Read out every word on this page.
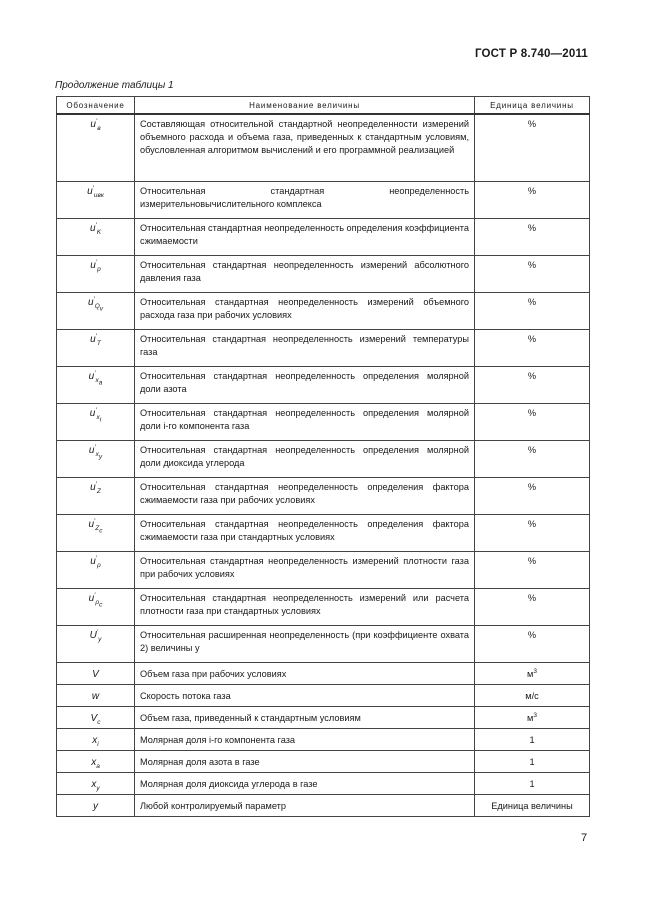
ГОСТ Р 8.740—2011
Продолжение таблицы 1
Обозначение	Наименование величины	Единица величины
$u'_в$	Составляющая относительной стандартной неопределенности измерений объемного расхода и объема газа, приведенных к стандартным условиям, обусловленная алгоритмом вычислений и его программной реализацией	%
$u'_{ивк}$	Относительная стандартная неопределенность измерительновычислительного комплекса	%
$u'_K$	Относительная стандартная неопределенность определения коэффициента сжимаемости	%
$u'_p$	Относительная стандартная неопределенность измерений абсолютного давления газа	%
$u'_{Q_v}$	Относительная стандартная неопределенность измерений объемного расхода газа при рабочих условиях	%
$u'_T$	Относительная стандартная неопределенность измерений температуры газа	%
$u'_{x_a}$	Относительная стандартная неопределенность определения молярной доли азота	%
$u'_{x_i}$	Относительная стандартная неопределенность определения молярной доли i-го компонента газа	%
$u'_{x_y}$	Относительная стандартная неопределенность определения молярной доли диоксида углерода	%
$u'_Z$	Относительная стандартная неопределенность определения фактора сжимаемости газа при рабочих условиях	%
$u'_{Z_c}$	Относительная стандартная неопределенность определения фактора сжимаемости газа при стандартных условиях	%
$u'_\rho$	Относительная стандартная неопределенность измерений плотности газа при рабочих условиях	%
$u'_{\rho_c}$	Относительная стандартная неопределенность измерений или расчета плотности газа при стандартных условиях	%
$U'_y$	Относительная расширенная неопределенность (при коэффициенте охвата 2) величины y	%
V	Объем газа при рабочих условиях	$м^3$
w	Скорость потока газа	м/с
$V_с$	Объем газа, приведенный к стандартным условиям	$м^3$
$x_i$	Молярная доля i-го компонента газа	1
$x_a$	Молярная доля азота в газе	1
$x_y$	Молярная доля диоксида углерода в газе	1
y	Любой контролируемый параметр	Единица величины
7
